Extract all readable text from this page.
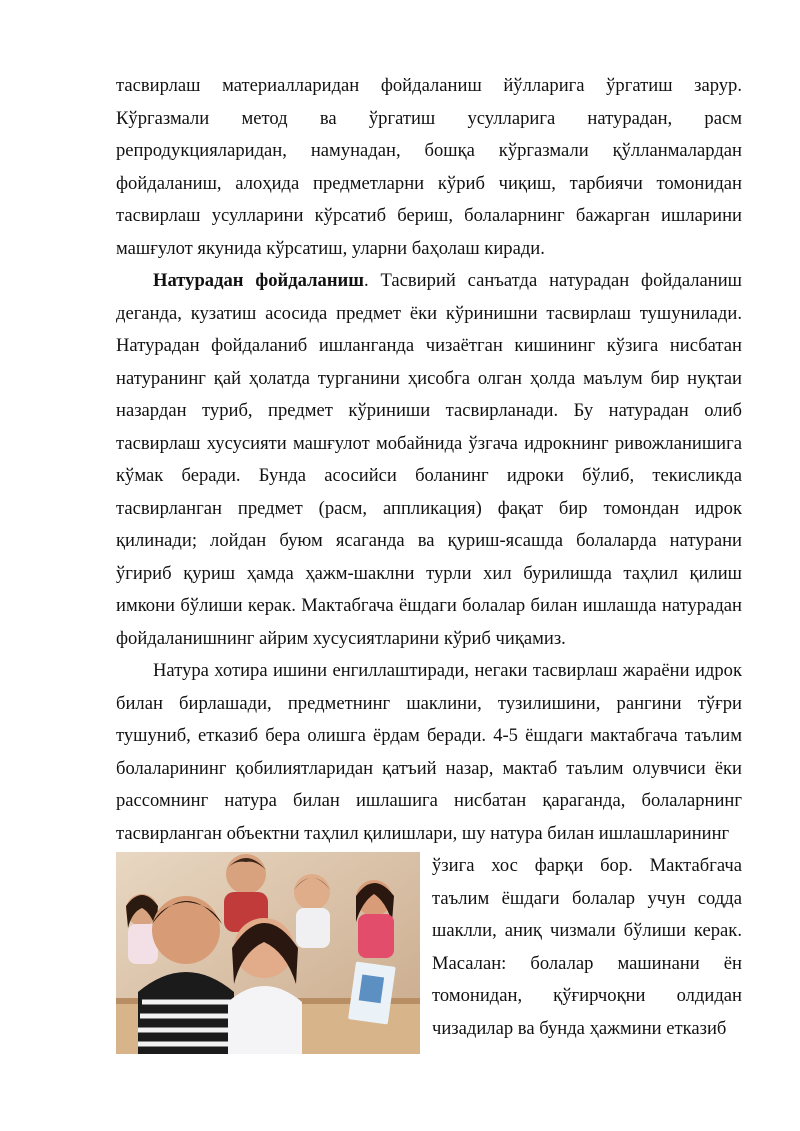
тасвирлаш материалларидан фойдаланиш йўлларига ўргатиш зарур. Кўргазмали метод ва ўргатиш усулларига натурадан, расм репродукцияларидан, намунадан, бошқа кўргазмали қўлланмалардан фойдаланиш, алоҳида предметларни кўриб чиқиш, тарбиячи томонидан тасвирлаш усулларини кўрсатиб бериш, болаларнинг бажарган ишларини машғулот якунида кўрсатиш, уларни баҳолаш киради.

Натурадан фойдаланиш. Тасвирий санъатда натурадан фойдаланиш деганда, кузатиш асосида предмет ёки кўринишни тасвирлаш тушунилади. Натурадан фойдаланиб ишланганда чизаётган кишининг кўзига нисбатан натуранинг қай ҳолатда турганини ҳисобга олган ҳолда маълум бир нуқтаи назардан туриб, предмет кўриниши тасвирланади. Бу натурадан олиб тасвирлаш хусусияти машғулот мобайнида ўзгача идрокнинг ривожланишига кўмак беради. Бунда асосийси боланинг идроки бўлиб, текисликда тасвирланган предмет (расм, аппликация) фақат бир томондан идрок қилинади; лойдан буюм ясаганда ва қуриш-ясашда болаларда натурани ўгириб қуриш ҳамда ҳажм-шаклни турли хил бурилишда таҳлил қилиш имкони бўлиши керак. Мактабгача ёшдаги болалар билан ишлашда натурадан фойдаланишнинг айрим хусусиятларини кўриб чиқамиз.

Натура хотира ишини енгиллаштиради, негаки тасвирлаш жараёни идрок билан бирлашади, предметнинг шаклини, тузилишини, рангини тўғри тушуниб, етказиб бера олишга ёрдам беради. 4-5 ёшдаги мактабгача таълим болаларининг қобилиятларидан қатъий назар, мактаб таълим олувчиси ёки рассомнинг натура билан ишлашига нисбатан қараганда, болаларнинг тасвирланган объектни таҳлил қилишлари, шу натура билан ишлашларининг

ўзига хос фарқи бор. Мактабгача таълим ёшдаги болалар учун содда шаклли, аниқ чизмали бўлиши керак. Масалан: болалар машинани ён томонидан, қўғирчоқни олдидан чизадилар ва бунда ҳажмини етказиб
